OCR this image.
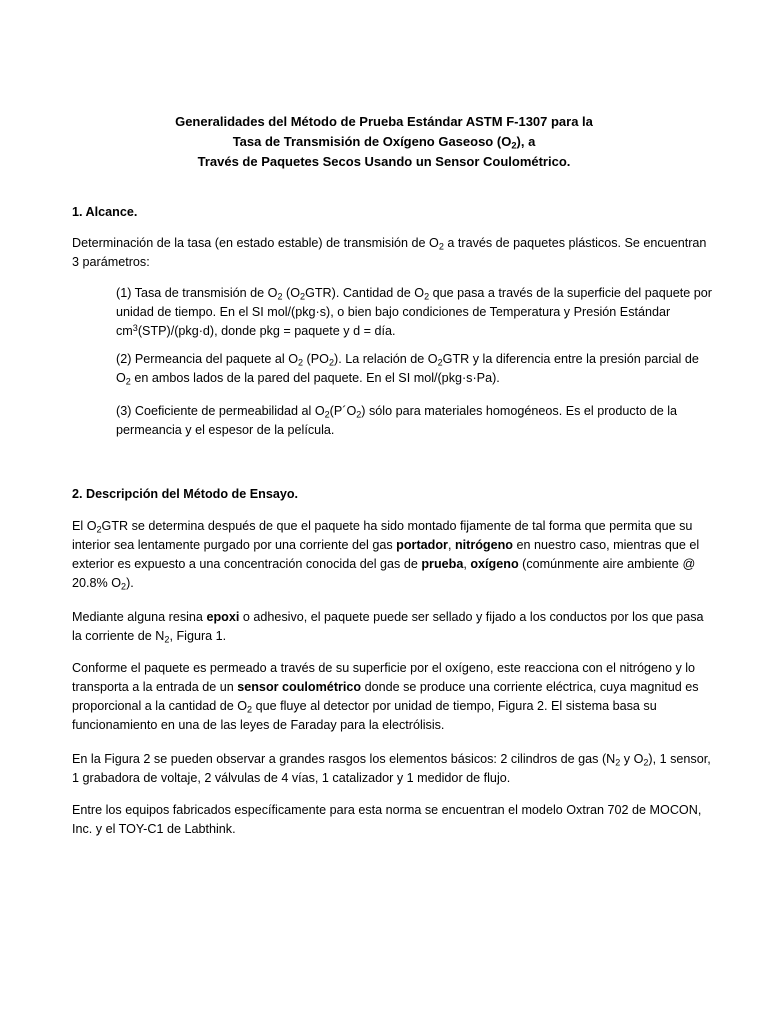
Generalidades del Método de Prueba Estándar ASTM F-1307 para la
Tasa de Transmisión de Oxígeno Gaseoso $(O_2)$, a
Través de Paquetes Secos Usando un Sensor Coulométrico.
1. Alcance.
Determinación de la tasa (en estado estable) de transmisión de $O_2$ a través de paquetes plásticos. Se encuentran 3 parámetros:
(1) Tasa de transmisión de $O_2$ $(O_2GTR)$. Cantidad de $O_2$ que pasa a través de la superficie del paquete por unidad de tiempo. En el SI mol/(pkg·s), o bien bajo condiciones de Temperatura y Presión Estándar $cm^3(STP)/(pkg\cdot d)$, donde pkg = paquete y d = día.
(2) Permeancia del paquete al $O_2$ $(PO_2)$. La relación de $O_2GTR$ y la diferencia entre la presión parcial de $O_2$ en ambos lados de la pared del paquete. En el SI mol/(pkg·s·Pa).
(3) Coeficiente de permeabilidad al $O_2(P´O_2)$ sólo para materiales homogéneos. Es el producto de la permeancia y el espesor de la película.
2. Descripción del Método de Ensayo.
El $O_2GTR$ se determina después de que el paquete ha sido montado fijamente de tal forma que permita que su interior sea lentamente purgado por una corriente del gas portador, nitrógeno en nuestro caso, mientras que el exterior es expuesto a una concentración conocida del gas de prueba, oxígeno (comúnmente aire ambiente @ 20.8% $O_2$).
Mediante alguna resina epoxi o adhesivo, el paquete puede ser sellado y fijado a los conductos por los que pasa la corriente de $N_2$, Figura 1.
Conforme el paquete es permeado a través de su superficie por el oxígeno, este reacciona con el nitrógeno y lo transporta a la entrada de un sensor coulométrico donde se produce una corriente eléctrica, cuya magnitud es proporcional a la cantidad de $O_2$ que fluye al detector por unidad de tiempo, Figura 2. El sistema basa su funcionamiento en una de las leyes de Faraday para la electrólisis.
En la Figura 2 se pueden observar a grandes rasgos los elementos básicos: 2 cilindros de gas ($N_2$ y $O_2$), 1 sensor, 1 grabadora de voltaje, 2 válvulas de 4 vías, 1 catalizador y 1 medidor de flujo.
Entre los equipos fabricados específicamente para esta norma se encuentran el modelo Oxtran 702 de MOCON, Inc. y el TOY-C1 de Labthink.
